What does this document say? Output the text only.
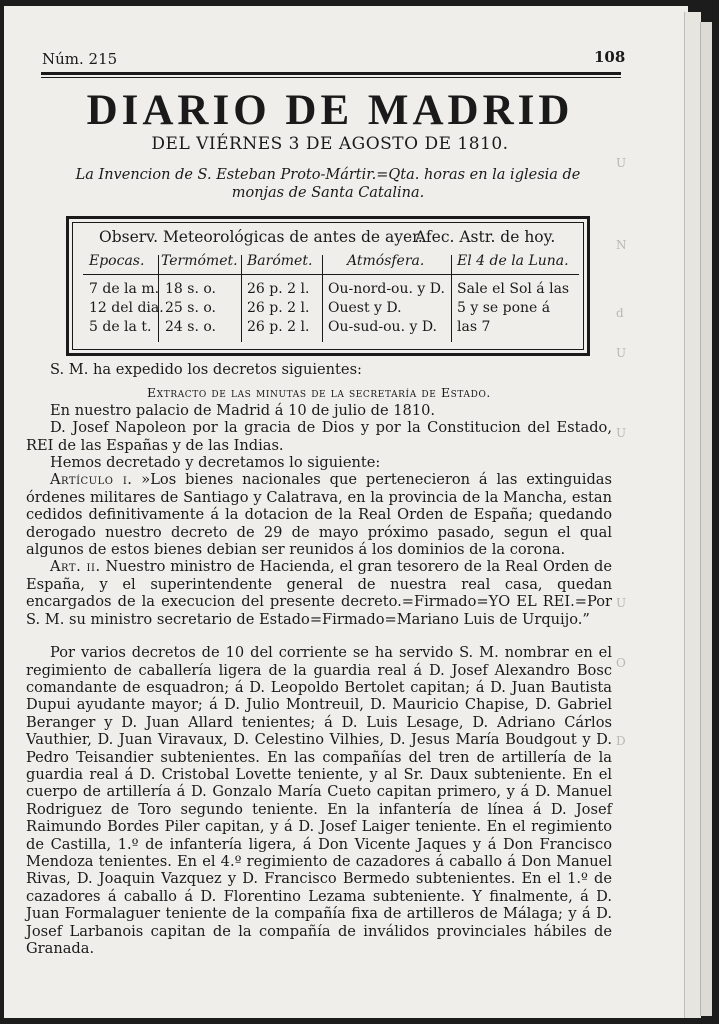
U
N
d
U
U
U
O
D
Núm. 215	108
DIARIO DE MADRID
DEL VIÉRNES 3 DE AGOSTO DE 1810.
La Invencion de S. Esteban Proto-Mártir.=Qta. horas en la iglesia de monjas de Santa Catalina.
Observ. Meteorológicas de antes de ayer.
Afec. Astr. de hoy.
Epocas. Termómet. Barómet. Atmósfera. El 4 de la Luna.
7 de la m.
12 del dia.
5 de la t.
18 s. o.
25 s. o.
24 s. o.
26 p. 2 l.
26 p. 2 l.
26 p. 2 l.
Ou-nord-ou. y D.
Ouest y D.
Ou-sud-ou. y D.
Sale el Sol á las
5 y se pone á
las 7

S. M. ha expedido los decretos siguientes:

Extracto de las minutas de la secretaría de Estado.

En nuestro palacio de Madrid á 10 de julio de 1810.

D. Josef Napoleon por la gracia de Dios y por la Constitucion del Estado, REI de las Españas y de las Indias.

Hemos decretado y decretamos lo siguiente:

Artículo i. »Los bienes nacionales que pertenecieron á las extinguidas órdenes militares de Santiago y Calatrava, en la provincia de la Mancha, estan cedidos definitivamente á la dotacion de la Real Orden de España; quedando derogado nuestro decreto de 29 de mayo próximo pasado, segun el qual algunos de estos bienes debian ser reunidos á los dominios de la corona.

Art. ii. Nuestro ministro de Hacienda, el gran tesorero de la Real Orden de España, y el superintendente general de nuestra real casa, quedan encargados de la execucion del presente decreto.=Firmado=YO EL REI.=Por S. M. su ministro secretario de Estado=Firmado=Mariano Luis de Urquijo.”

Por varios decretos de 10 del corriente se ha servido S. M. nombrar en el regimiento de caballería ligera de la guardia real á D. Josef Alexandro Bosc comandante de esquadron; á D. Leopoldo Bertolet capitan; á D. Juan Bautista Dupui ayudante mayor; á D. Julio Montreuil, D. Mauricio Chapise, D. Gabriel Beranger y D. Juan Allard tenientes; á D. Luis Lesage, D. Adriano Cárlos Vauthier, D. Juan Viravaux, D. Celestino Vilhies, D. Jesus María Boudgout y D. Pedro Teisandier subtenientes. En las compañías del tren de artillería de la guardia real á D. Cristobal Lovette teniente, y al Sr. Daux subteniente. En el cuerpo de artillería á D. Gonzalo María Cueto capitan primero, y á D. Manuel Rodriguez de Toro segundo teniente. En la infantería de línea á D. Josef Raimundo Bordes Piler capitan, y á D. Josef Laiger teniente. En el regimiento de Castilla, 1.º de infantería ligera, á Don Vicente Jaques y á Don Francisco Mendoza tenientes. En el 4.º regimiento de cazadores á caballo á Don Manuel Rivas, D. Joaquin Vazquez y D. Francisco Bermedo subtenientes. En el 1.º de cazadores á caballo á D. Florentino Lezama subteniente. Y finalmente, á D. Juan Formalaguer teniente de la compañía fixa de artilleros de Málaga; y á D. Josef Larbanois capitan de la compañía de inválidos provinciales hábiles de Granada.
